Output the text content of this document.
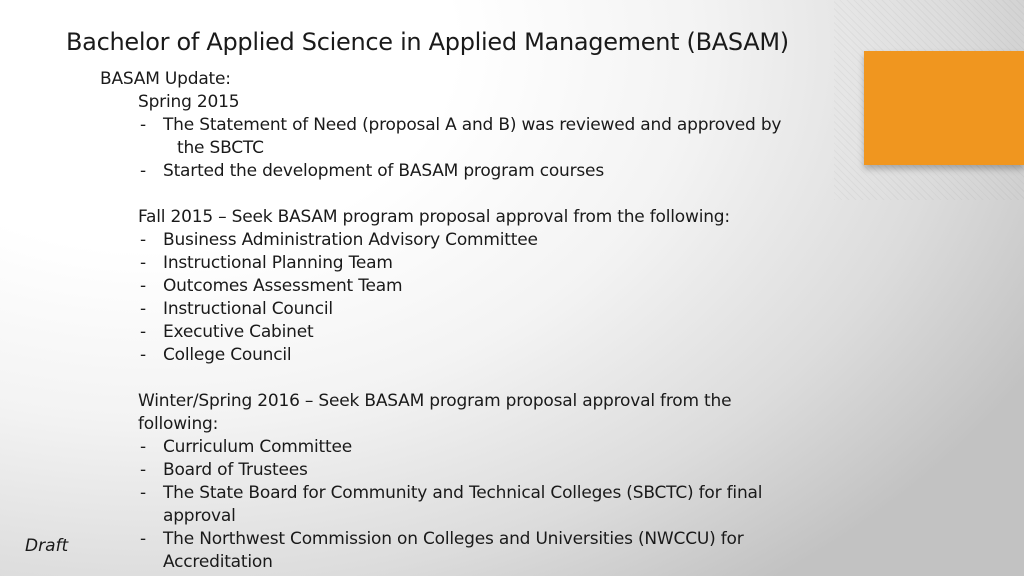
Bachelor of Applied Science in Applied Management (BASAM)
BASAM Update:
Spring 2015
- The Statement of Need (proposal A and B) was reviewed and approved by
the SBCTC
- Started the development of BASAM program courses
Fall 2015 – Seek BASAM program proposal approval from the following:
- Business Administration Advisory Committee
- Instructional Planning Team
- Outcomes Assessment Team
- Instructional Council
- Executive Cabinet
- College Council
Winter/Spring 2016 – Seek BASAM program proposal approval from the
following:
- Curriculum Committee
- Board of Trustees
- The State Board for Community and Technical Colleges (SBCTC) for final
approval
- The Northwest Commission on Colleges and Universities (NWCCU) for
Accreditation
Draft
